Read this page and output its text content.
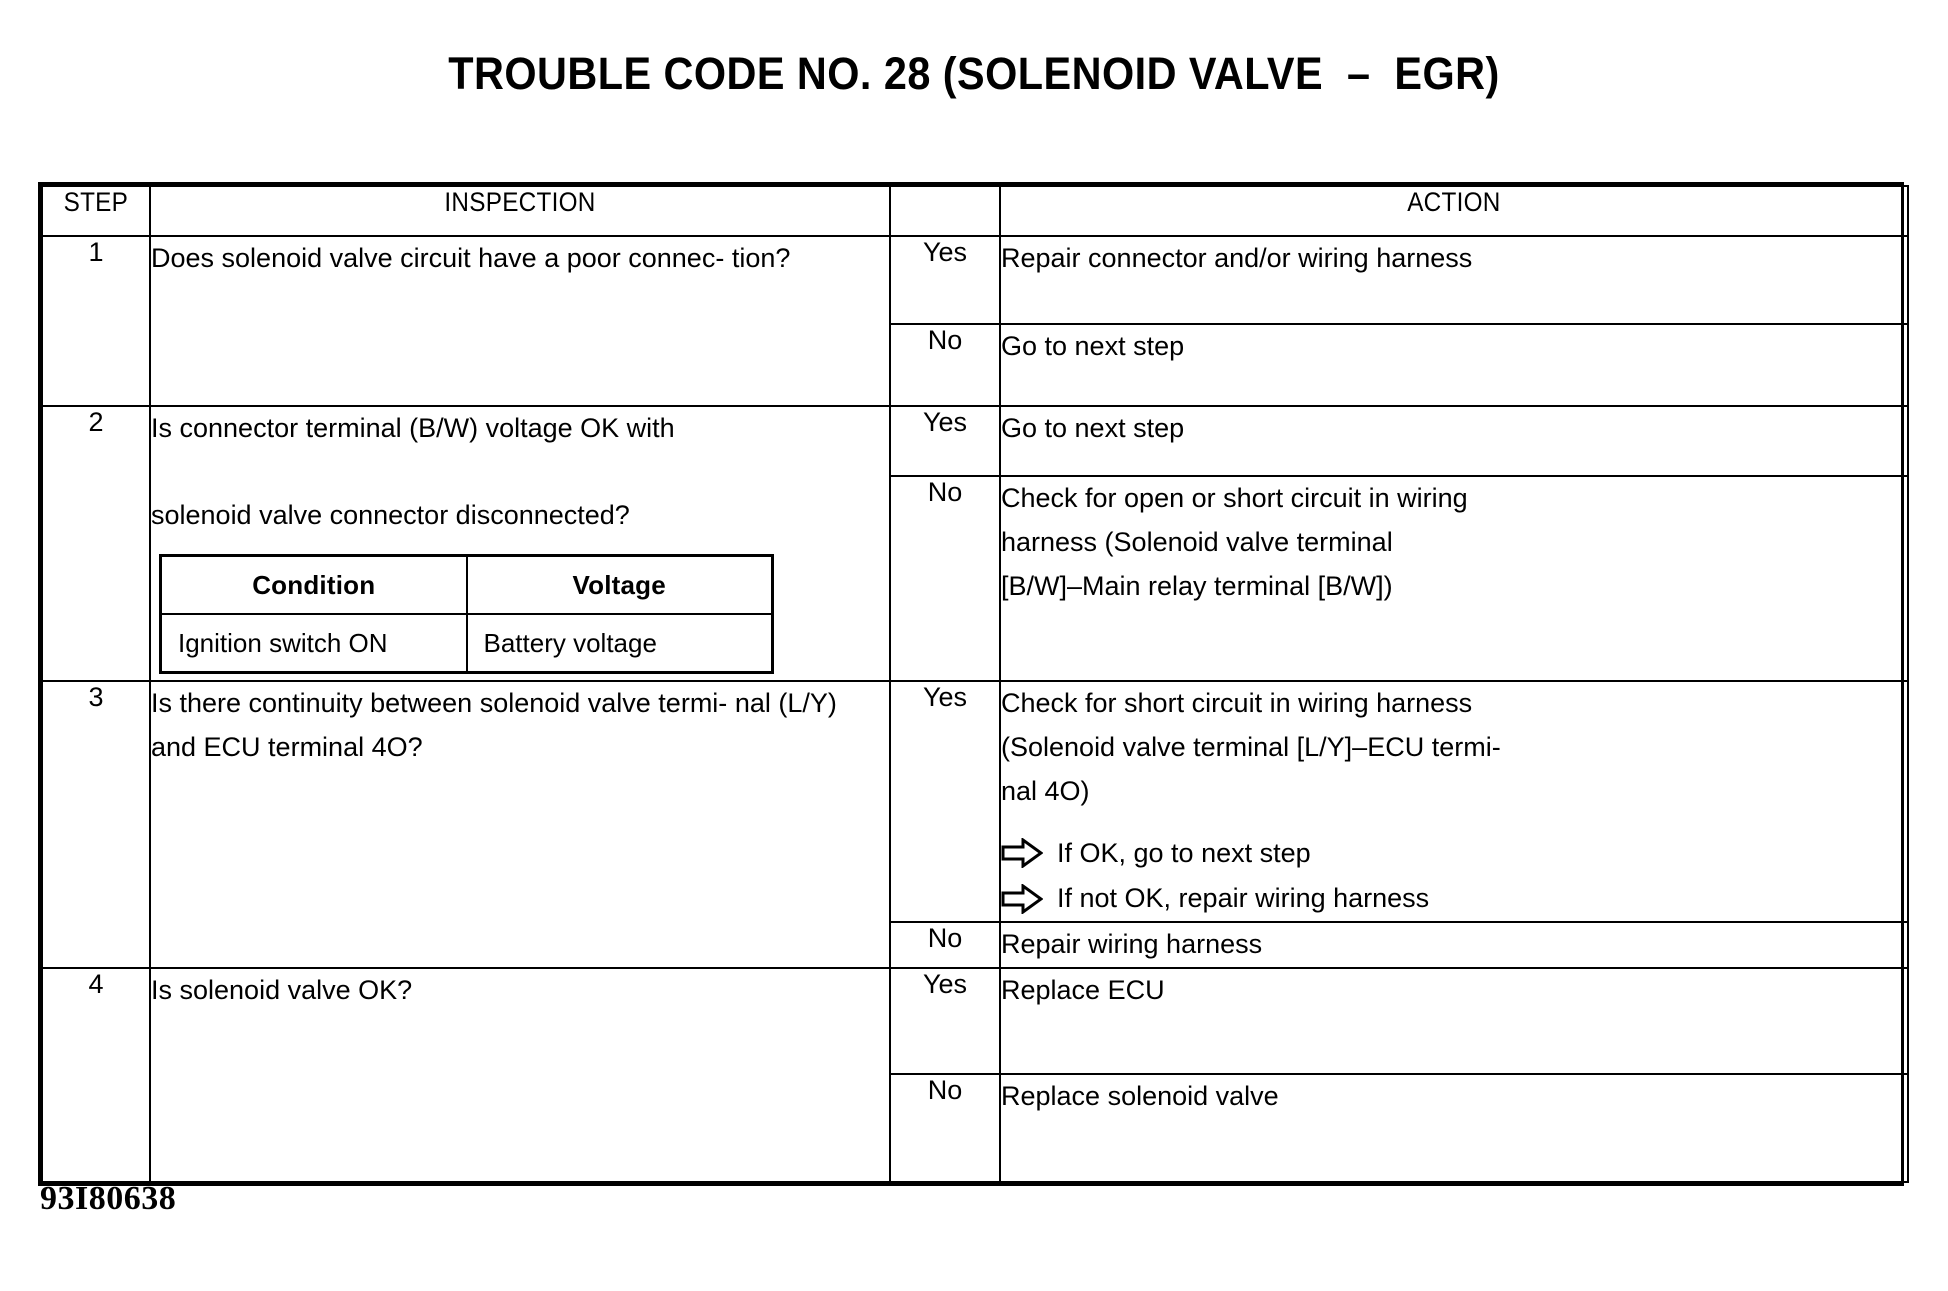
TROUBLE CODE NO. 28 (SOLENOID VALVE  –  EGR)
STEP	INSPECTION		ACTION
1	Does solenoid valve circuit have a poor connec- tion?	Yes	Repair connector and/or wiring harness

No	Go to next step

2	Is connector terminal (B/W) voltage OK with solenoid valve connector disconnected?
Condition	Voltage
Ignition switch ON	Battery voltage
	Yes	Go to next step

No	Check for open or short circuit in wiring
harness (Solenoid valve terminal
[B/W]–Main relay terminal [B/W])

3	Is there continuity between solenoid valve termi- nal (L/Y) and ECU terminal 4O?	Yes	Check for short circuit in wiring harness
(Solenoid valve terminal [L/Y]–ECU termi-
nal 4O)
If OK, go to next step
If not OK, repair wiring harness

No	Repair wiring harness

4	Is solenoid valve OK?	Yes	Replace ECU

No	Replace solenoid valve
93I80638
